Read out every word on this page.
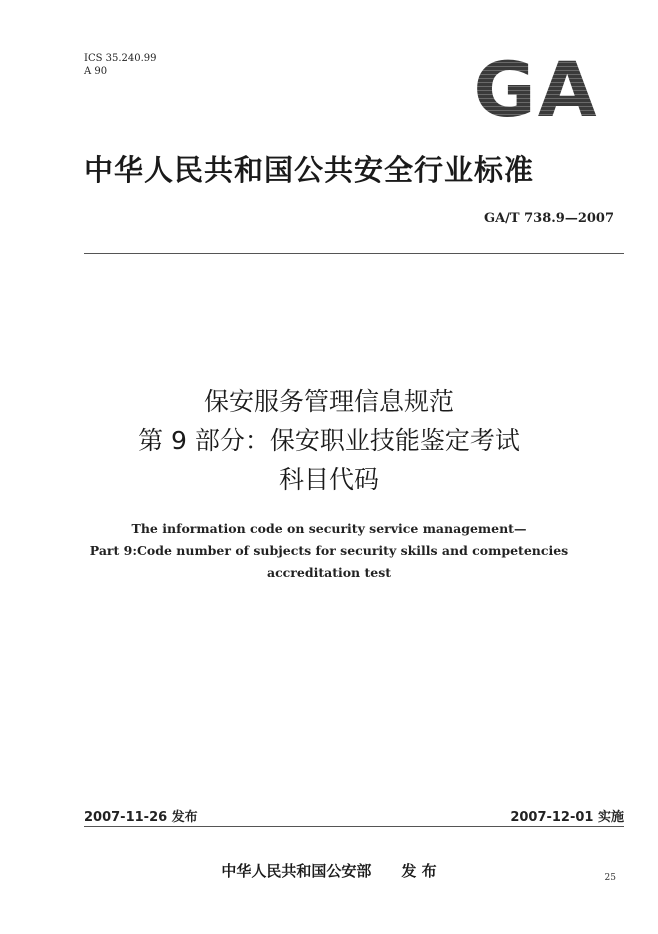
ICS 35.240.99
A 90	GA
中华人民共和国公共安全行业标准
GA/T 738.9—2007
保安服务管理信息规范
第 9 部分：保安职业技能鉴定考试
科目代码
The information code on security service management—
Part 9:Code number of subjects for security skills and competencies
accreditation test
2007-11-26 发布	2007-12-01 实施
中华人民共和国公安部　　发 布	25
